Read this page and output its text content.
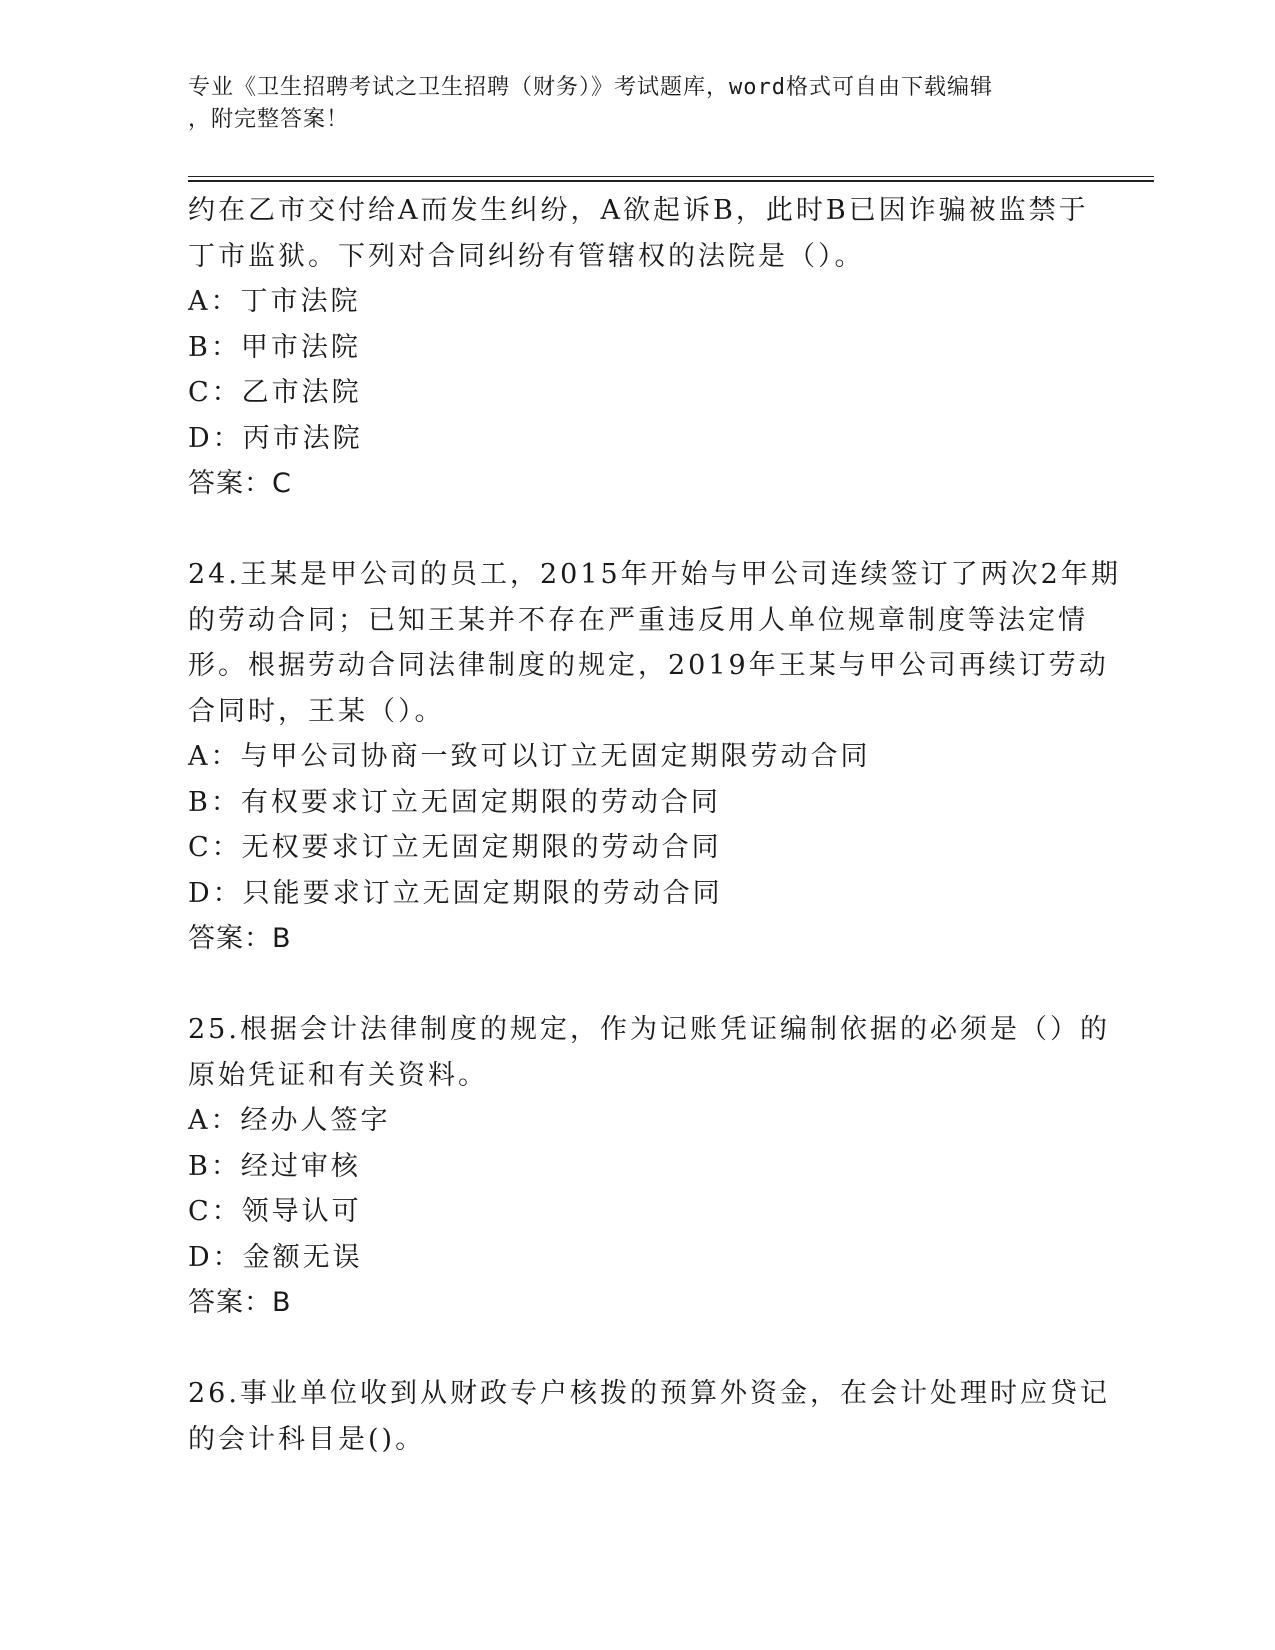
专业《卫生招聘考试之卫生招聘（财务）》考试题库，word格式可自由下载编辑
，附完整答案！
约在乙市交付给A而发生纠纷，A欲起诉B，此时B已因诈骗被监禁于
丁市监狱。下列对合同纠纷有管辖权的法院是（）。
A：丁市法院
B：甲市法院
C：乙市法院
D：丙市法院
答案：C
24.王某是甲公司的员工，2015年开始与甲公司连续签订了两次2年期
的劳动合同；已知王某并不存在严重违反用人单位规章制度等法定情
形。根据劳动合同法律制度的规定，2019年王某与甲公司再续订劳动
合同时，王某（）。
A：与甲公司协商一致可以订立无固定期限劳动合同
B：有权要求订立无固定期限的劳动合同
C：无权要求订立无固定期限的劳动合同
D：只能要求订立无固定期限的劳动合同
答案：B
25.根据会计法律制度的规定，作为记账凭证编制依据的必须是（）的
原始凭证和有关资料。
A：经办人签字
B：经过审核
C：领导认可
D：金额无误
答案：B
26.事业单位收到从财政专户核拨的预算外资金，在会计处理时应贷记
的会计科目是()。
